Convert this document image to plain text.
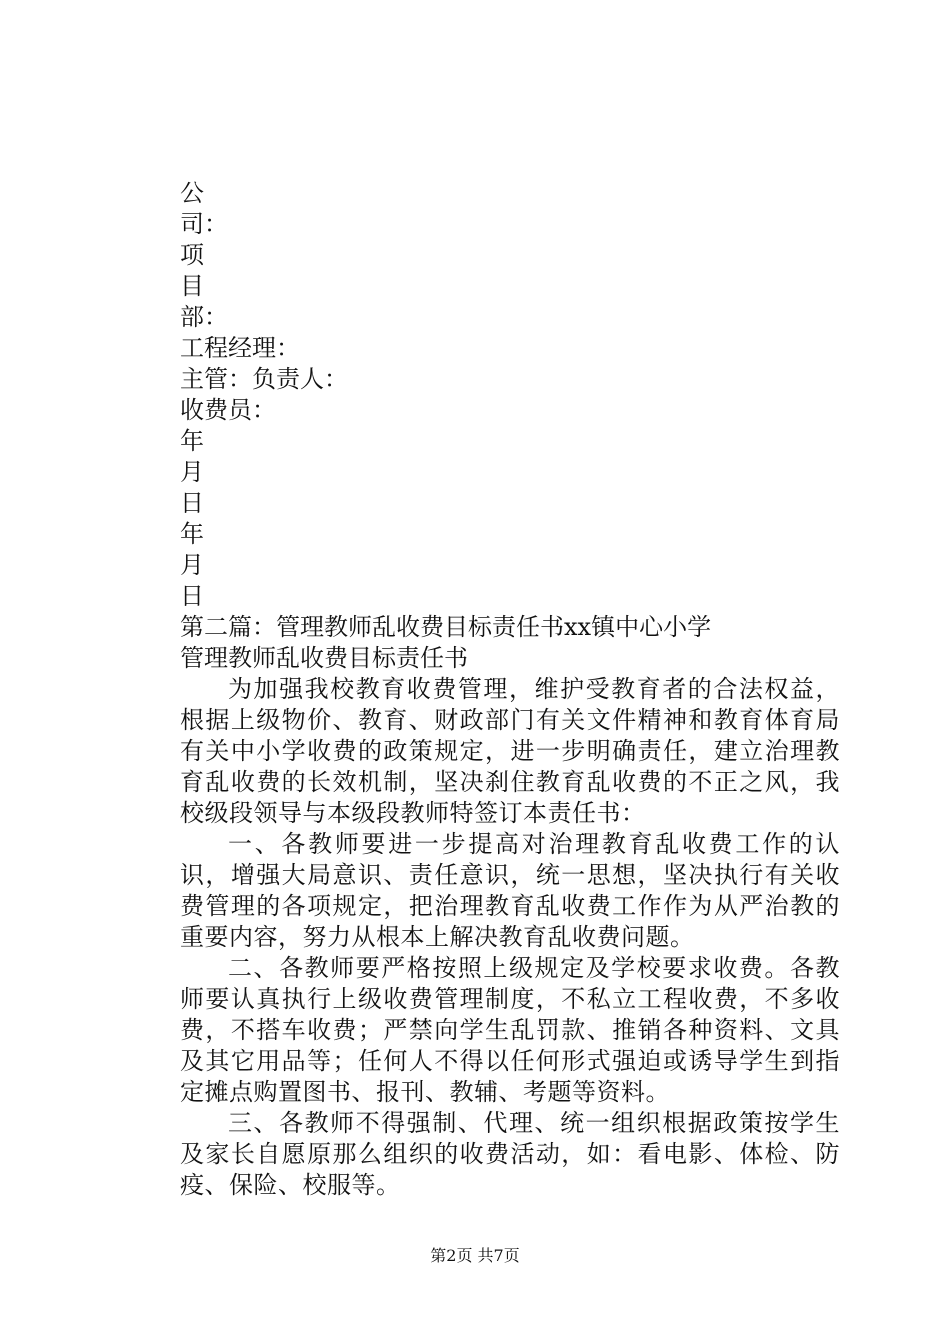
公
司：
项
目
部：
工程经理：
主管：负责人：
收费员：
年
月
日
年
月
日
第二篇：管理教师乱收费目标责任书xx镇中心小学
管理教师乱收费目标责任书

为加强我校教育收费管理，维护受教育者的合法权益，根据上级物价、教育、财政部门有关文件精神和教育体育局有关中小学收费的政策规定，进一步明确责任，建立治理教育乱收费的长效机制，坚决刹住教育乱收费的不正之风，我校级段领导与本级段教师特签订本责任书：

一、各教师要进一步提高对治理教育乱收费工作的认识，增强大局意识、责任意识，统一思想，坚决执行有关收费管理的各项规定，把治理教育乱收费工作作为从严治教的重要内容，努力从根本上解决教育乱收费问题。

二、各教师要严格按照上级规定及学校要求收费。各教师要认真执行上级收费管理制度，不私立工程收费，不多收费，不搭车收费；严禁向学生乱罚款、推销各种资料、文具及其它用品等；任何人不得以任何形式强迫或诱导学生到指定摊点购置图书、报刊、教辅、考题等资料。

三、各教师不得强制、代理、统一组织根据政策按学生及家长自愿原那么组织的收费活动，如：看电影、体检、防疫、保险、校服等。

第2页 共7页
